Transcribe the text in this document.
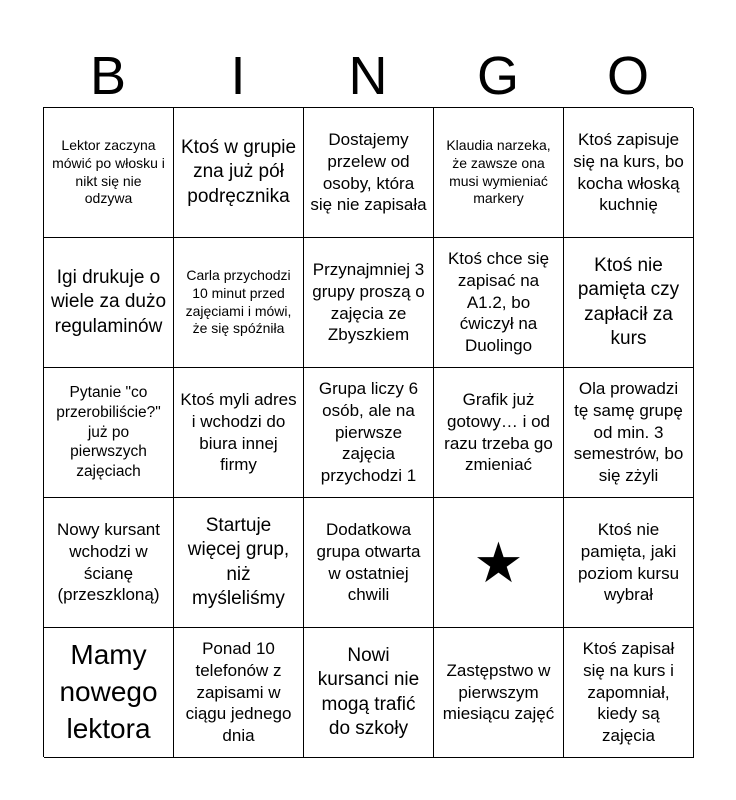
B	I	N	G	O
Lektor zaczyna mówić po włosku i nikt się nie odzywa
Ktoś w grupie zna już pół podręcznika
Dostajemy przelew od osoby, która się nie zapisała
Klaudia narzeka, że zawsze ona musi wymieniać markery
Ktoś zapisuje się na kurs, bo kocha włoską kuchnię
Igi drukuje o wiele za dużo regulaminów
Carla przychodzi 10 minut przed zajęciami i mówi, że się spóźniła
Przynajmniej 3 grupy proszą o zajęcia ze Zbyszkiem
Ktoś chce się zapisać na A1.2, bo ćwiczył na Duolingo
Ktoś nie pamięta czy zapłacił za kurs
Pytanie "co przerobiliście?" już po pierwszych zajęciach
Ktoś myli adres i wchodzi do biura innej firmy
Grupa liczy 6 osób, ale na pierwsze zajęcia przychodzi 1
Grafik już gotowy… i od razu trzeba go zmieniać
Ola prowadzi tę samę grupę od min. 3 semestrów, bo się zżyli
Nowy kursant wchodzi w ścianę (przeszkloną)
Startuje więcej grup, niż myśleliśmy
Dodatkowa grupa otwarta w ostatniej chwili
★
Ktoś nie pamięta, jaki poziom kursu wybrał
Mamy nowego lektora
Ponad 10 telefonów z zapisami w ciągu jednego dnia
Nowi kursanci nie mogą trafić do szkoły
Zastępstwo w pierwszym miesiącu zajęć
Ktoś zapisał się na kurs i zapomniał, kiedy są zajęcia
